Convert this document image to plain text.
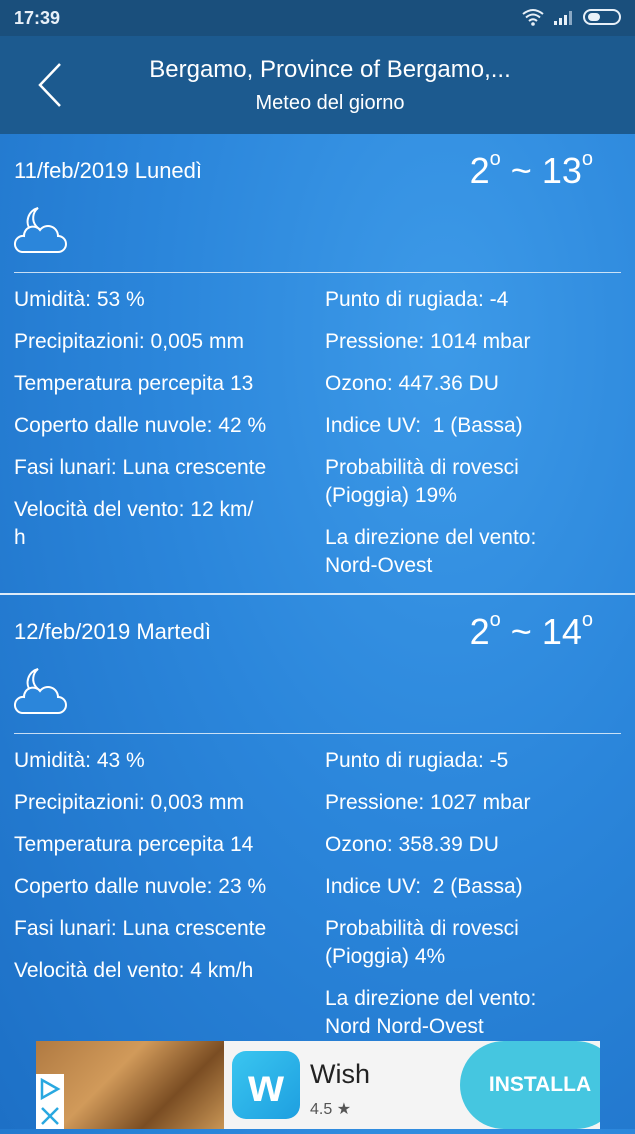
17:39
Bergamo, Province of Bergamo,...
Meteo del giorno
11/feb/2019 Lunedì	2$^o$ ~ 13$^o$
Umidità: 53 %
Precipitazioni: 0,005 mm
Temperatura percepita 13
Coperto dalle nuvole: 42 %
Fasi lunari: Luna crescente
Velocità del vento: 12 km/
h
Punto di rugiada: -4
Pressione: 1014 mbar
Ozono: 447.36 DU
Indice UV:  1 (Bassa)
Probabilità di rovesci
(Pioggia) 19%
La direzione del vento:
Nord-Ovest
12/feb/2019 Martedì	2$^o$ ~ 14$^o$
Umidità: 43 %
Precipitazioni: 0,003 mm
Temperatura percepita 14
Coperto dalle nuvole: 23 %
Fasi lunari: Luna crescente
Velocità del vento: 4 km/h
Punto di rugiada: -5
Pressione: 1027 mbar
Ozono: 358.39 DU
Indice UV:  2 (Bassa)
Probabilità di rovesci
(Pioggia) 4%
La direzione del vento:
Nord Nord-Ovest
w Wish
4.5 ★
INSTALLA
